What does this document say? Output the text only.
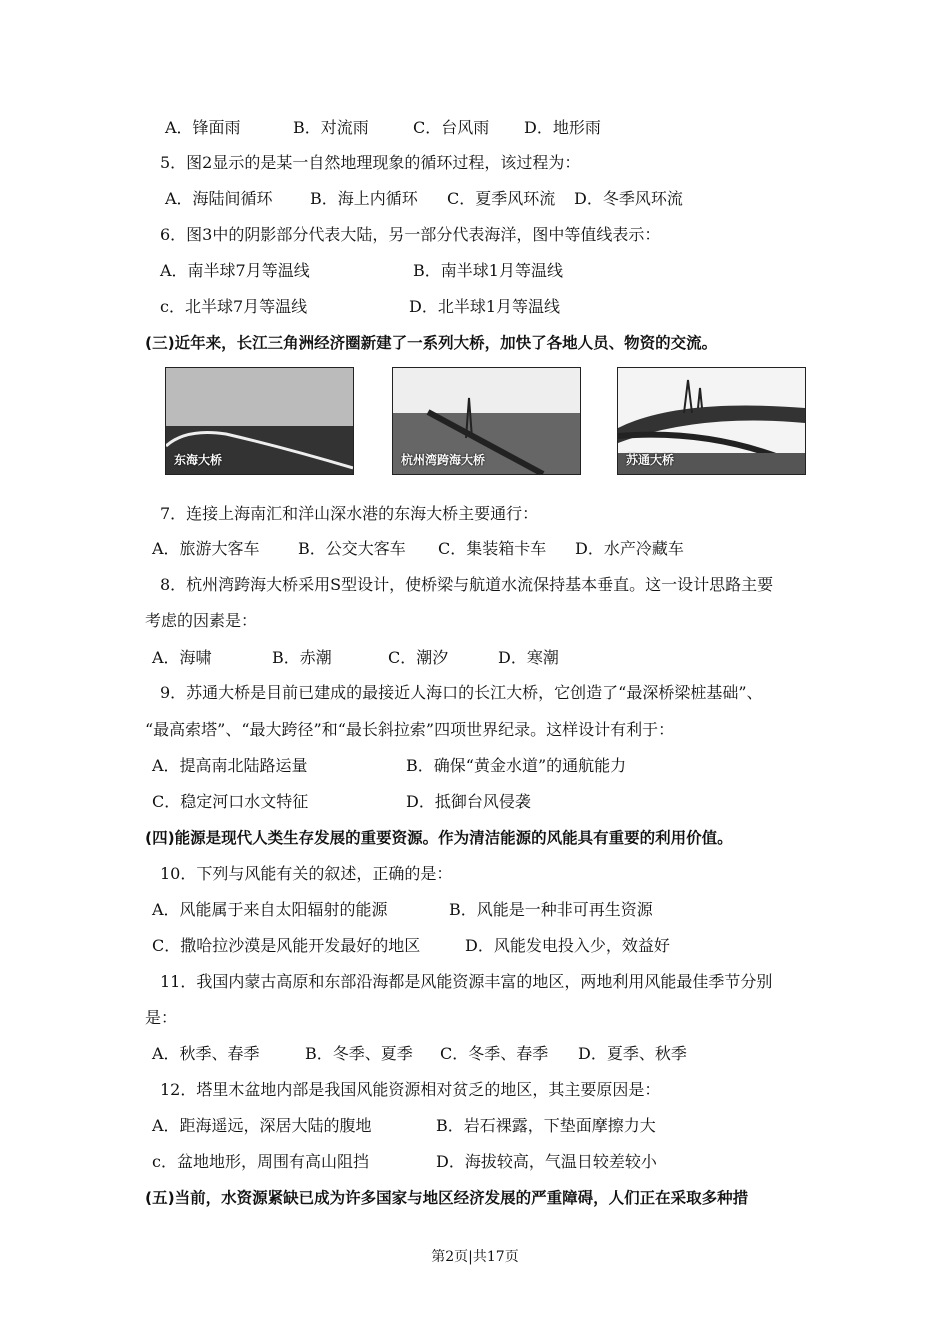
A．锋面雨	B．对流雨	C．台风雨 D．地形雨
5．图2显示的是某一自然地理现象的循环过程，该过程为：
A．海陆间循环 B．海上内循环 C．夏季风环流 D．冬季风环流
6．图3中的阴影部分代表大陆，另一部分代表海洋，图中等值线表示：
A．南半球7月等温线	B．南半球1月等温线
c．北半球7月等温线	D．北半球1月等温线
(三)近年来，长江三角洲经济圈新建了一系列大桥，加快了各地人员、物资的交流。
东海大桥	杭州湾跨海大桥	苏通大桥
7．连接上海南汇和洋山深水港的东海大桥主要通行：
A．旅游大客车 B．公交大客车 C．集装箱卡车 D．水产冷藏车
8．杭州湾跨海大桥采用S型设计，使桥梁与航道水流保持基本垂直。这一设计思路主要
考虑的因素是：
A．海啸	B．赤潮	C．潮汐	D．寒潮
9．苏通大桥是目前已建成的最接近人海口的长江大桥，它创造了“最深桥梁桩基础”、
“最高索塔”、“最大跨径”和“最长斜拉索”四项世界纪录。这样设计有利于：
A．提高南北陆路运量	B．确保“黄金水道”的通航能力
C．稳定河口水文特征	D．抵御台风侵袭
(四)能源是现代人类生存发展的重要资源。作为清洁能源的风能具有重要的利用价值。
10．下列与风能有关的叙述，正确的是：
A．风能属于来自太阳辐射的能源	B．风能是一种非可再生资源
C．撒哈拉沙漠是风能开发最好的地区	D．风能发电投入少，效益好
11．我国内蒙古高原和东部沿海都是风能资源丰富的地区，两地利用风能最佳季节分别
是：
A．秋季、春季	B．冬季、夏季 C．冬季、春季 D．夏季、秋季
12．塔里木盆地内部是我国风能资源相对贫乏的地区，其主要原因是：
A．距海遥远，深居大陆的腹地	B．岩石裸露，下垫面摩擦力大
c．盆地地形，周围有高山阻挡	D．海拔较高，气温日较差较小
(五)当前，水资源紧缺已成为许多国家与地区经济发展的严重障碍，人们正在采取多种措
第2页|共17页
